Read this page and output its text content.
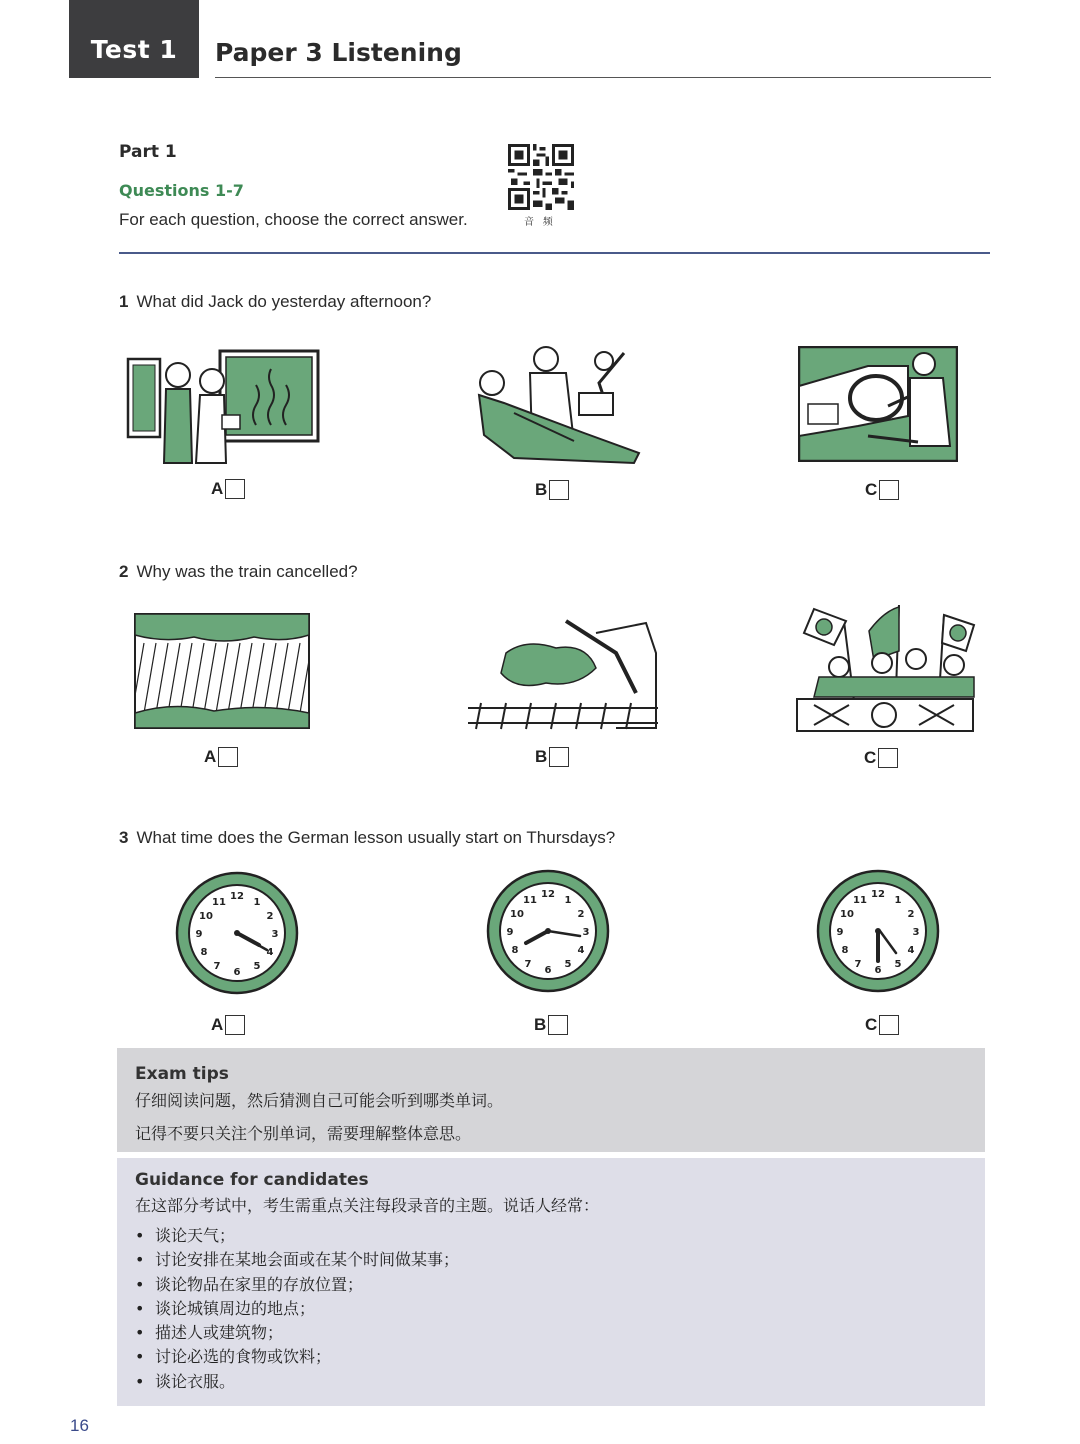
Test 1	Paper 3 Listening
Part 1
Questions 1-7
For each question, choose the correct answer.	音 频
1 What did Jack do yesterday afternoon?
A	B	C
2 Why was the train cancelled?
A	B	C
3 What time does the German lesson usually start on Thursdays?
12
1
2
3
4
5
6
7
8
9
10
11
A
12
1
2
3
4
5
6
7
8
9
10
11
B
12
1
2
3
4
5
6
7
8
9
10
11
C
Exam tips

仔细阅读问题，然后猜测自己可能会听到哪类单词。

记得不要只关注个别单词，需要理解整体意思。

Guidance for candidates

在这部分考试中，考生需重点关注每段录音的主题。说话人经常：

• 谈论天气；
• 讨论安排在某地会面或在某个时间做某事；
• 谈论物品在家里的存放位置；
• 谈论城镇周边的地点；
• 描述人或建筑物；
• 讨论必选的食物或饮料；
• 谈论衣服。
16
